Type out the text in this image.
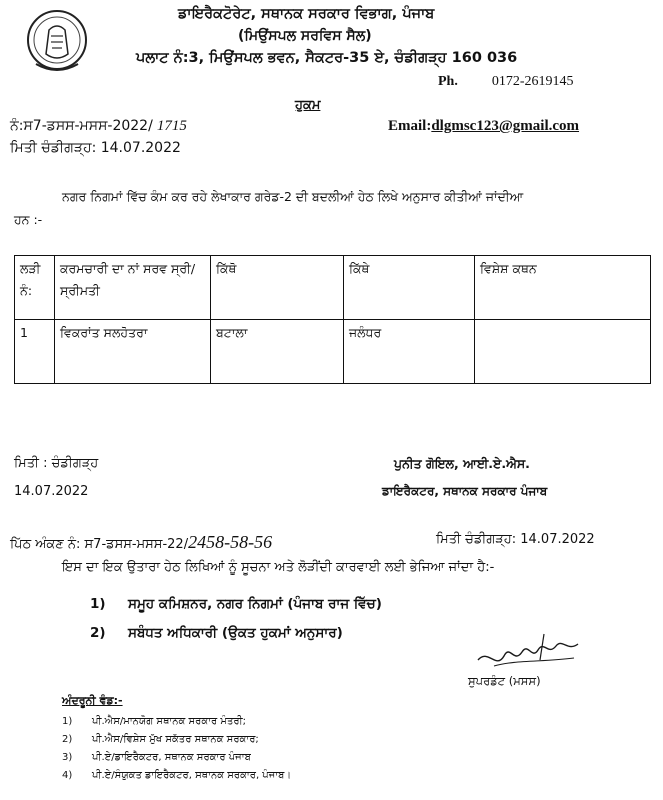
ਡਾਇਰੈਕਟੋਰੇਟ, ਸਥਾਨਕ ਸਰਕਾਰ ਵਿਭਾਗ, ਪੰਜਾਬ
(ਮਿਉਂਸਪਲ ਸਰਵਿਸ ਸੈਲ)
ਪਲਾਟ ਨੰ:3, ਮਿਉਂਸਪਲ ਭਵਨ, ਸੈਕਟਰ-35 ਏ, ਚੰਡੀਗੜ੍ਹ 160 036
Ph. 0172-2619145
ਹੁਕਮ
ਨੰ:ਸ7-ਡਸਸ-ਮਸਸ-2022/ 1715	Email:dlgmsc123@gmail.com
ਮਿਤੀ ਚੰਡੀਗੜ੍ਹ: 14.07.2022
ਨਗਰ ਨਿਗਮਾਂ ਵਿੱਚ ਕੰਮ ਕਰ ਰਹੇ ਲੇਖਾਕਾਰ ਗਰੇਡ-2 ਦੀ ਬਦਲੀਆਂ ਹੇਠ ਲਿਖੇ ਅਨੁਸਾਰ ਕੀਤੀਆਂ ਜਾਂਦੀਆ
ਹਨ :-
ਲੜੀ ਨੰ:	ਕਰਮਚਾਰੀ ਦਾ ਨਾਂ ਸਰਵ ਸ੍ਰੀ/ਸ੍ਰੀਮਤੀ	ਕਿੱਥੋ	ਕਿੱਥੇ	ਵਿਸ਼ੇਸ਼ ਕਥਨ
1	ਵਿਕਰਾਂਤ ਸਲਹੋਤਰਾ	ਬਟਾਲਾ	ਜਲੰਧਰ	
ਮਿਤੀ : ਚੰਡੀਗੜ੍ਹ
14.07.2022
ਪੁਨੀਤ ਗੋਇਲ, ਆਈ.ਏ.ਐਸ.
ਡਾਇਰੈਕਟਰ, ਸਥਾਨਕ ਸਰਕਾਰ ਪੰਜਾਬ
ਪਿੱਠ ਅੰਕਣ ਨੰ: ਸ7-ਡਸਸ-ਮਸਸ-22/2458-58-56	ਮਿਤੀ ਚੰਡੀਗੜ੍ਹ: 14.07.2022
ਇਸ ਦਾ ਇਕ ਉਤਾਰਾ ਹੇਠ ਲਿਖਿਆਂ ਨੂੰ ਸੂਚਨਾ ਅਤੇ ਲੋੜੀਂਦੀ ਕਾਰਵਾਈ ਲਈ ਭੇਜਿਆ ਜਾਂਦਾ ਹੈ:-
1) ਸਮੂਹ ਕਮਿਸ਼ਨਰ, ਨਗਰ ਨਿਗਮਾਂ (ਪੰਜਾਬ ਰਾਜ ਵਿੱਚ)
2) ਸਬੰਧਤ ਅਧਿਕਾਰੀ (ਉਕਤ ਹੁਕਮਾਂ ਅਨੁਸਾਰ)
ਸੁਪਰਡੰਟ (ਮਸਸ)
ਅੰਦਰੂਨੀ ਵੰਡ:-
1) ਪੀ.ਐਸ/ਮਾਨਯੋਗ ਸਥਾਨਕ ਸਰਕਾਰ ਮੰਤਰੀ;
2) ਪੀ.ਐਸ/ਵਿਸ਼ੇਸ ਮੁੱਖ ਸਕੱਤਰ ਸਥਾਨਕ ਸਰਕਾਰ;
3) ਪੀ.ਏ/ਡਾਇਰੈਕਟਰ, ਸਥਾਨਕ ਸਰਕਾਰ ਪੰਜਾਬ
4) ਪੀ.ਏ/ਸੰਯੁਕਤ ਡਾਇਰੈਕਟਰ, ਸਥਾਨਕ ਸਰਕਾਰ, ਪੰਜਾਬ।
